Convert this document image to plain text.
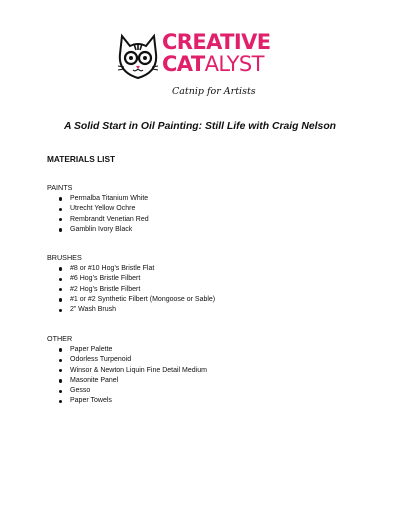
CREATIVE
CATALYST
Catnip for Artists
A Solid Start in Oil Painting: Still Life with Craig Nelson
MATERIALS LIST

PAINTS

Permalba Titanium White
Utrecht Yellow Ochre
Rembrandt Venetian Red
Gamblin Ivory Black

BRUSHES

#8 or #10 Hog’s Bristle Flat
#6 Hog’s Bristle Filbert
#2 Hog’s Bristle Filbert
#1 or #2 Synthetic Filbert (Mongoose or Sable)
2” Wash Brush

OTHER

Paper Palette
Odorless Turpenoid
Winsor & Newton Liquin Fine Detail Medium
Masonite Panel
Gesso
Paper Towels
